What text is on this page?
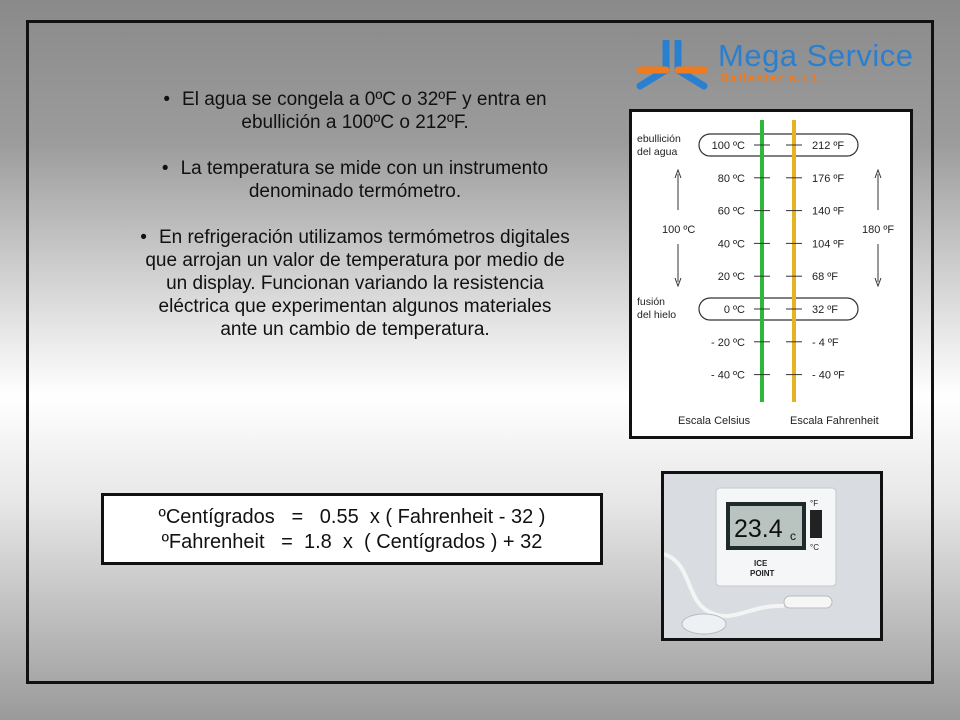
Mega Service
Ballester s.r.l.
• El agua se congela a 0ºC o 32ºF y entra en ebullición a 100ºC o 212ºF.
• La temperatura se mide con un instrumento denominado termómetro.
• En refrigeración utilizamos termómetros digitales que arrojan un valor de temperatura por medio de un display. Funcionan variando la resistencia eléctrica que experimentan algunos materiales ante un cambio de temperatura.
ºCentígrados   =   0.55  x ( Fahrenheit - 32 )
ºFahrenheit   =  1.8  x  ( Centígrados ) + 32
100 ºC	212 ºF
80 ºC	176 ºF
60 ºC	140 ºF
40 ºC	104 ºF
20 ºC	68 ºF
0 ºC	32 ºF
- 20 ºC	- 4 ºF
- 40 ºC	- 40 ºF
ebullición
del agua
fusión
del hielo
100 ºC	180 ºF
Escala Celsius	Escala Fahrenheit
23.4 c
°F
°C
ICE
POINT
